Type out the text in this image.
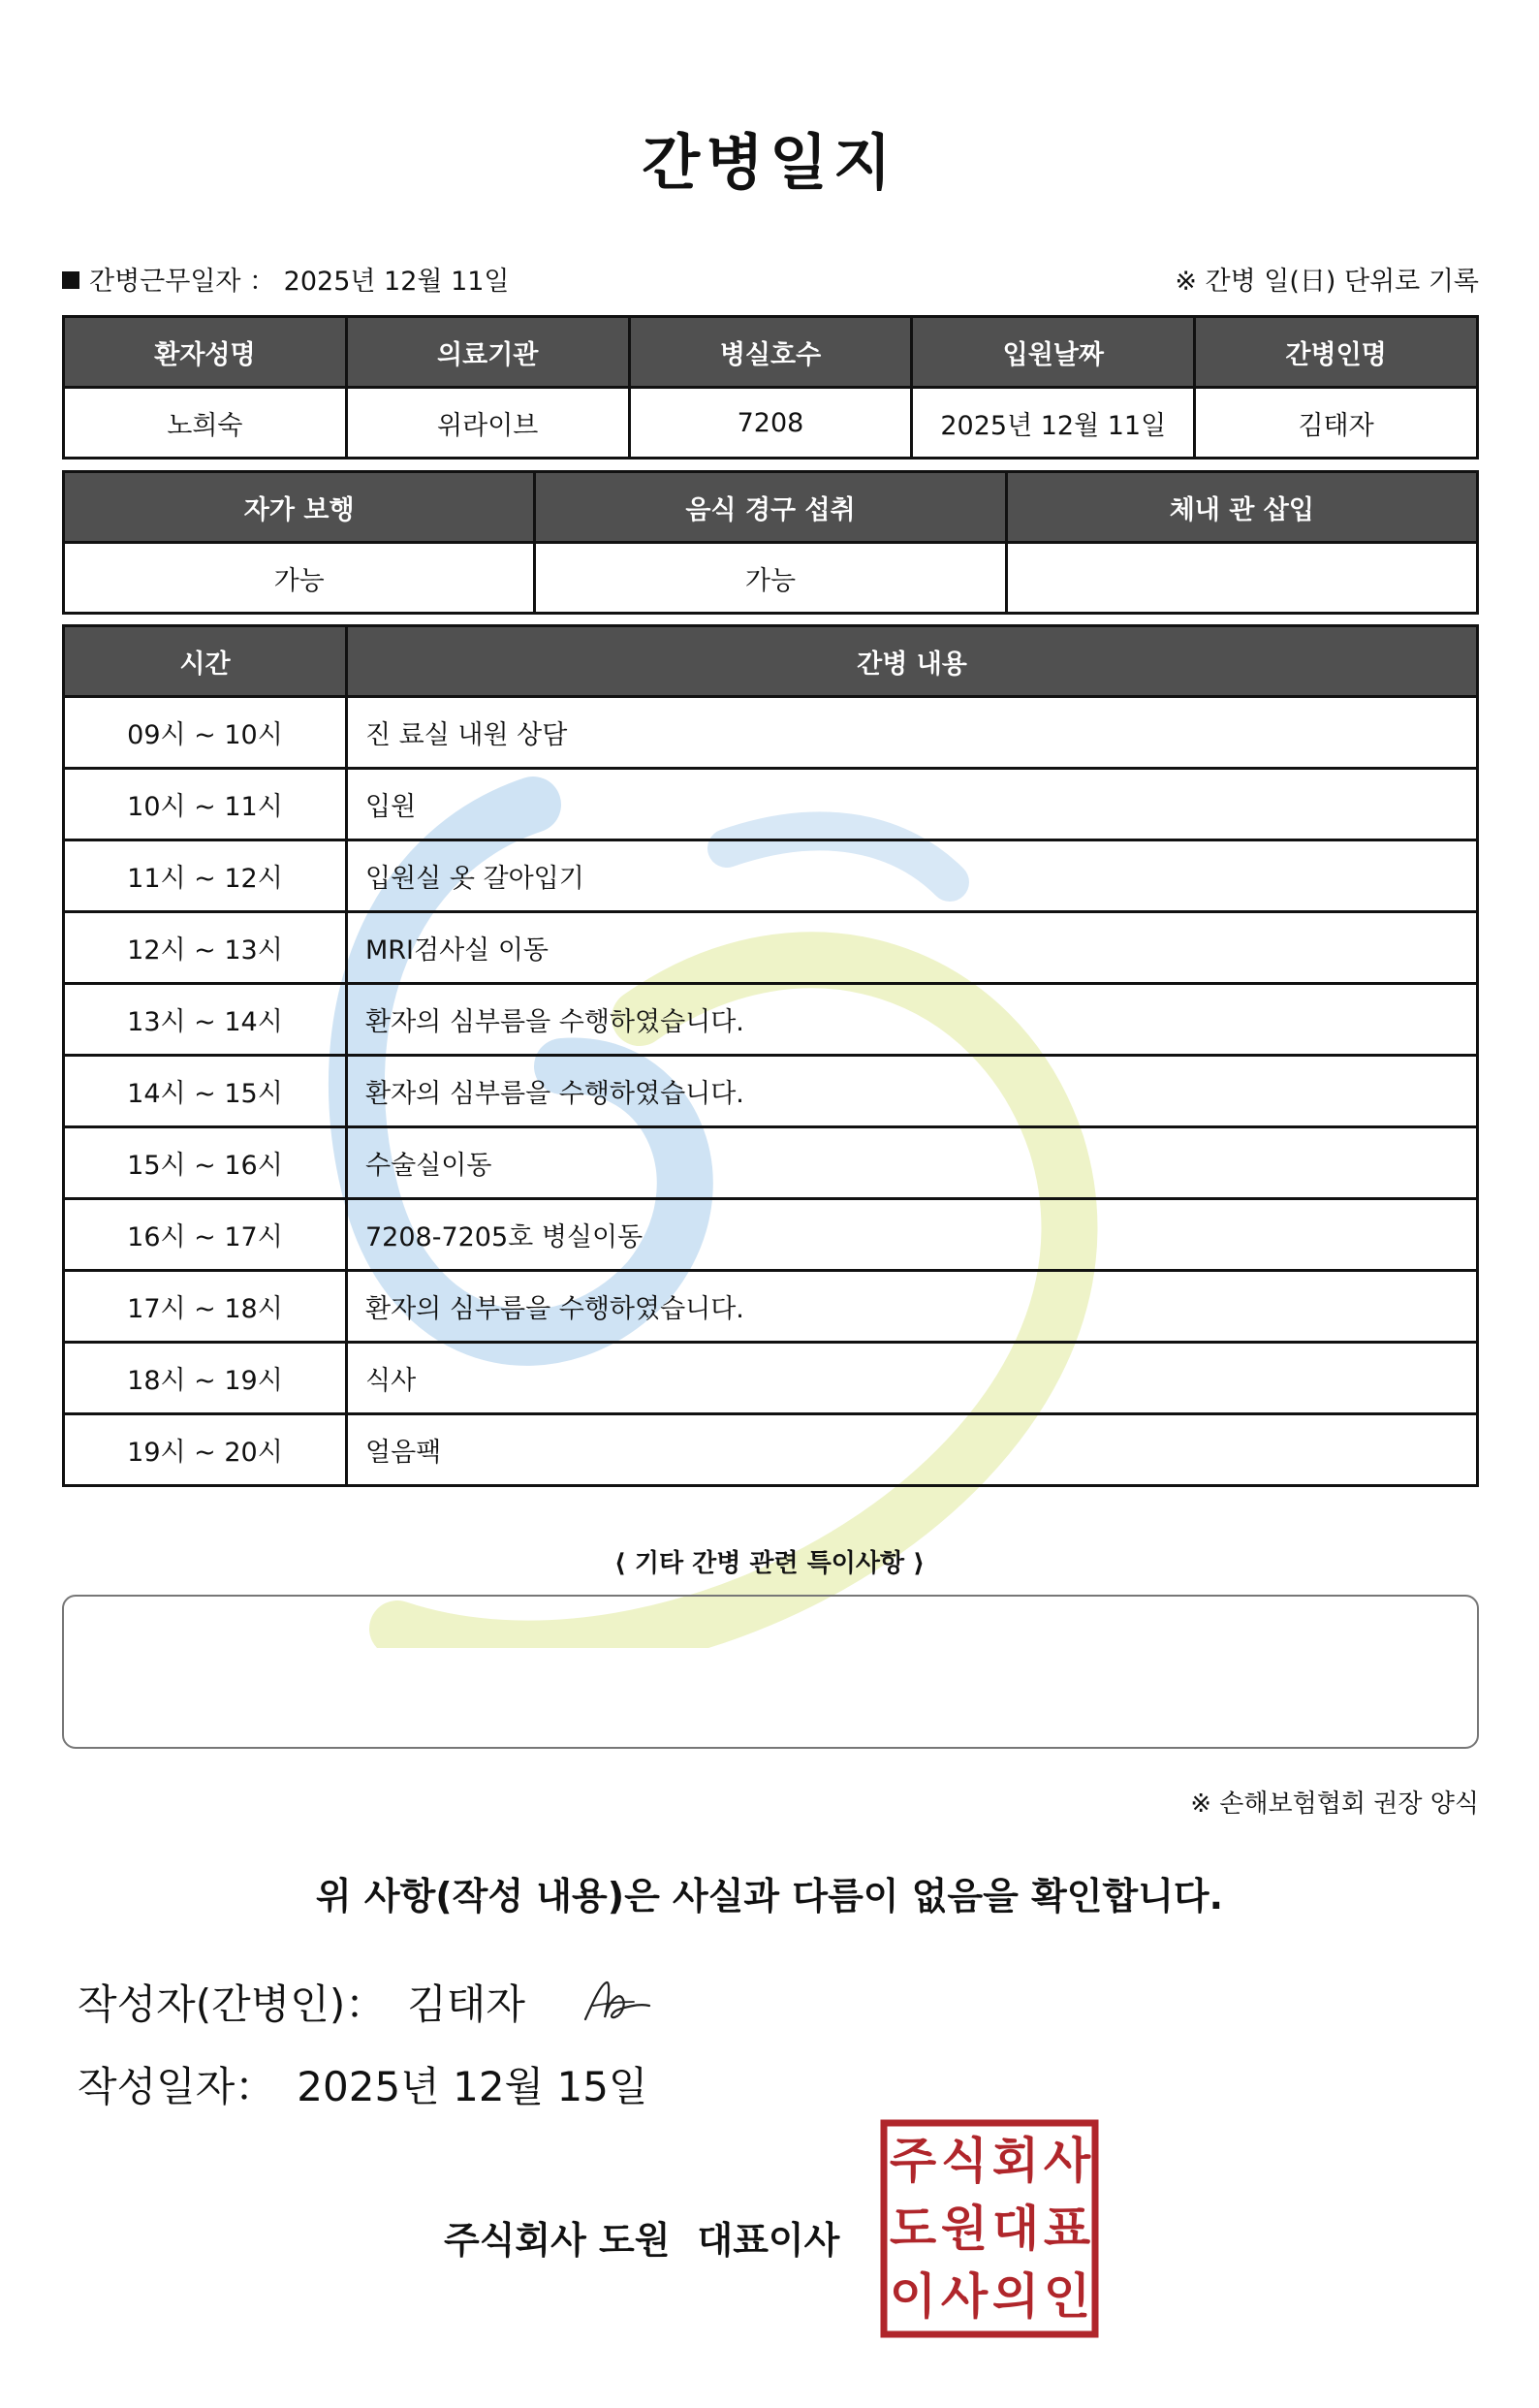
간병일지
간병근무일자 ： 2025년 12월 11일	※ 간병 일(日) 단위로 기록
환자성명	의료기관	병실호수	입원날짜	간병인명
노희숙	위라이브	7208	2025년 12월 11일	김태자
자가 보행	음식 경구 섭취	체내 관 삽입
가능	가능	
시간	간병 내용
09시 ~ 10시	진 료실 내원 상담
10시 ~ 11시	입원
11시 ~ 12시	입원실 옷 갈아입기
12시 ~ 13시	MRI검사실 이동
13시 ~ 14시	환자의 심부름을 수행하였습니다.
14시 ~ 15시	환자의 심부름을 수행하였습니다.
15시 ~ 16시	수술실이동
16시 ~ 17시	7208-7205호 병실이동
17시 ~ 18시	환자의 심부름을 수행하였습니다.
18시 ~ 19시	식사
19시 ~ 20시	얼음팩
⟨ 기타 간병 관련 특이사항 ⟩
※ 손해보험협회 권장 양식
위 사항(작성 내용)은 사실과 다름이 없음을 확인합니다.
작성자(간병인)： 김태자
작성일자： 2025년 12월 15일
주식회사 도원 대표이사
주 식 회 사
도 원 대 표
이 사 의 인
